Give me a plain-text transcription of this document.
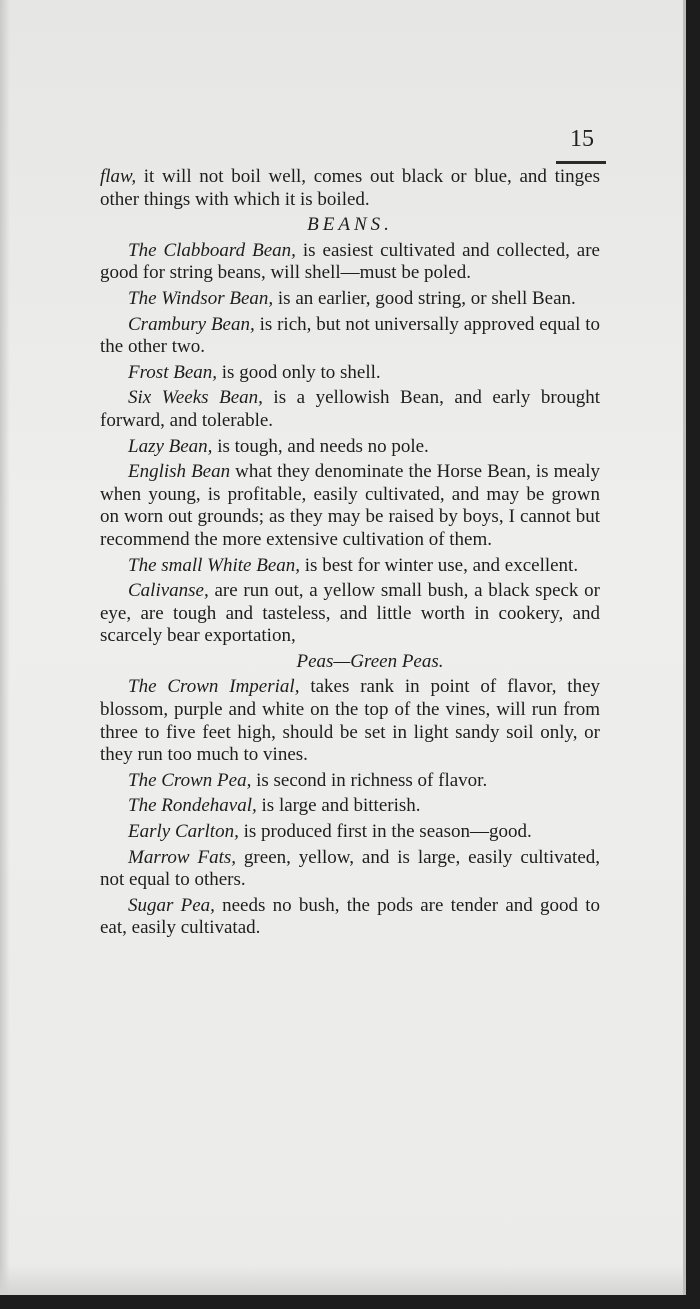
15

flaw, it will not boil well, comes out black or blue, and tinges other things with which it is boiled.

BEANS.

The Clabboard Bean, is easiest cultivated and collected, are good for string beans, will shell—must be poled.

The Windsor Bean, is an earlier, good string, or shell Bean.

Crambury Bean, is rich, but not universally approved equal to the other two.

Frost Bean, is good only to shell.

Six Weeks Bean, is a yellowish Bean, and early brought forward, and tolerable.

Lazy Bean, is tough, and needs no pole.

English Bean what they denominate the Horse Bean, is mealy when young, is profitable, easily cultivated, and may be grown on worn out grounds; as they may be raised by boys, I cannot but recommend the more extensive cultivation of them.

The small White Bean, is best for winter use, and excellent.

Calivanse, are run out, a yellow small bush, a black speck or eye, are tough and tasteless, and little worth in cookery, and scarcely bear exportation,

Peas—Green Peas.

The Crown Imperial, takes rank in point of flavor, they blossom, purple and white on the top of the vines, will run from three to five feet high, should be set in light sandy soil only, or they run too much to vines.

The Crown Pea, is second in richness of flavor.

The Rondehaval, is large and bitterish.

Early Carlton, is produced first in the season—good.

Marrow Fats, green, yellow, and is large, easily cultivated, not equal to others.

Sugar Pea, needs no bush, the pods are tender and good to eat, easily cultivatad.
